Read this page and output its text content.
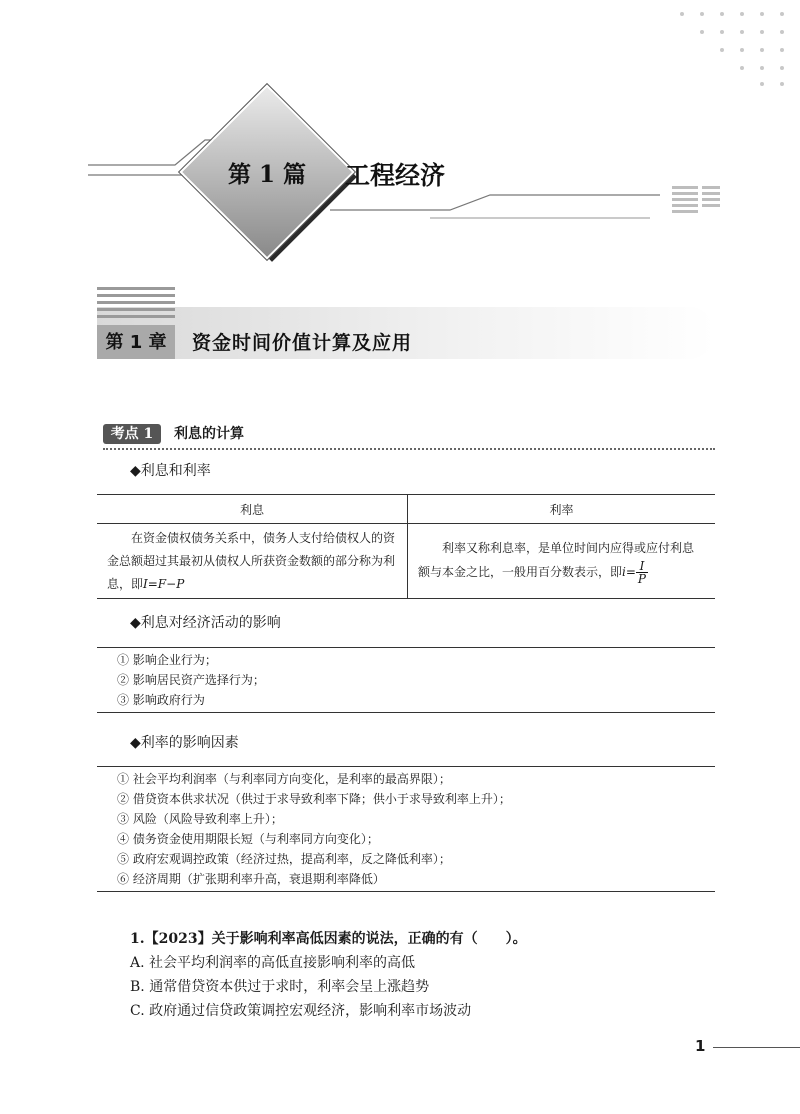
第 1 篇 工程经济
第 1 章	资金时间价值计算及应用
考点 1	利息的计算
◆利息和利率
利息	利率
在资金债权债务关系中，债务人支付给债权人的资金总额超过其最初从债权人所获资金数额的部分称为利息，即I=F−P	利率又称利息率，是单位时间内应得或应付利息额与本金之比，一般用百分数表示，即$i= \frac{I}{P}$
◆利息对经济活动的影响
① 影响企业行为；
② 影响居民资产选择行为；
③ 影响政府行为
◆利率的影响因素
① 社会平均利润率（与利率同方向变化，是利率的最高界限）；
② 借贷资本供求状况（供过于求导致利率下降；供小于求导致利率上升）；
③ 风险（风险导致利率上升）；
④ 债务资金使用期限长短（与利率同方向变化）；
⑤ 政府宏观调控政策（经济过热，提高利率，反之降低利率）；
⑥ 经济周期（扩张期利率升高，衰退期利率降低）
1.【2023】关于影响利率高低因素的说法，正确的有（　　）。
A. 社会平均利润率的高低直接影响利率的高低
B. 通常借贷资本供过于求时，利率会呈上涨趋势
C. 政府通过信贷政策调控宏观经济，影响利率市场波动
1
